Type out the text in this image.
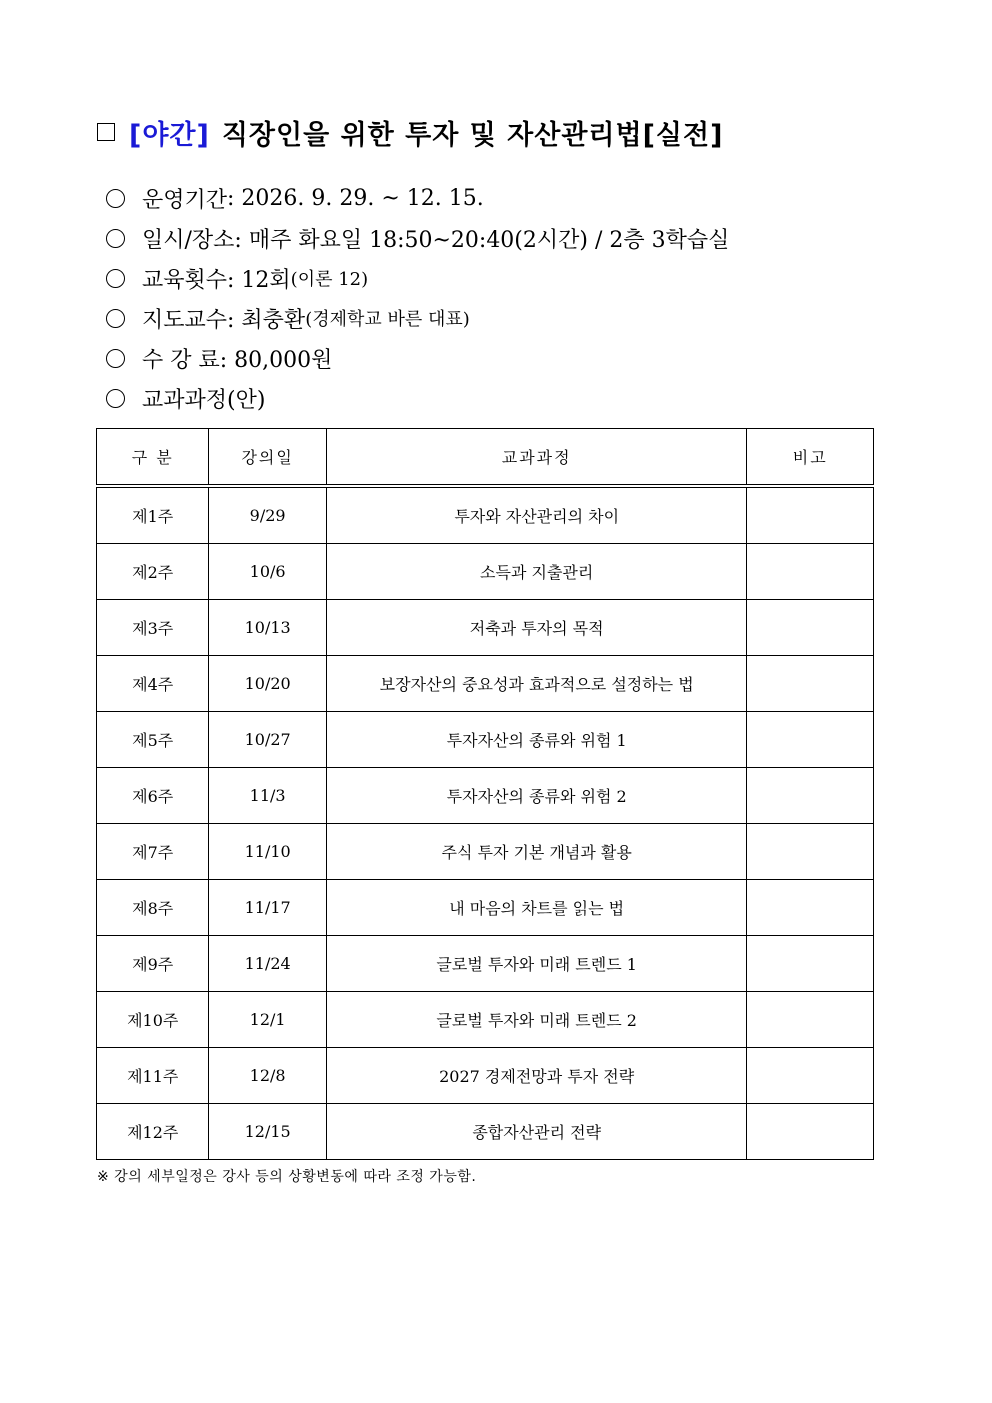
[야간] 직장인을 위한 투자 및 자산관리법[실전]
운영기간 : 2026. 9. 29. ~ 12. 15.
일시/장소 : 매주 화요일 18:50~20:40(2시간) / 2층 3학습실
교육횟수 : 12회 (이론 12)
지도교수 : 최충환 (경제학교 바른 대표)
수 강 료 : 80,000원
교과과정(안)
구 분	강의일	교과과정	비고
제1주	9/29	투자와 자산관리의 차이	
제2주	10/6	소득과 지출관리	
제3주	10/13	저축과 투자의 목적	
제4주	10/20	보장자산의 중요성과 효과적으로 설정하는 법	
제5주	10/27	투자자산의 종류와 위험 1	
제6주	11/3	투자자산의 종류와 위험 2	
제7주	11/10	주식 투자 기본 개념과 활용	
제8주	11/17	내 마음의 차트를 읽는 법	
제9주	11/24	글로벌 투자와 미래 트렌드 1	
제10주	12/1	글로벌 투자와 미래 트렌드 2	
제11주	12/8	2027 경제전망과 투자 전략	
제12주	12/15	종합자산관리 전략	
※ 강의 세부일정은 강사 등의 상황변동에 따라 조정 가능함.
